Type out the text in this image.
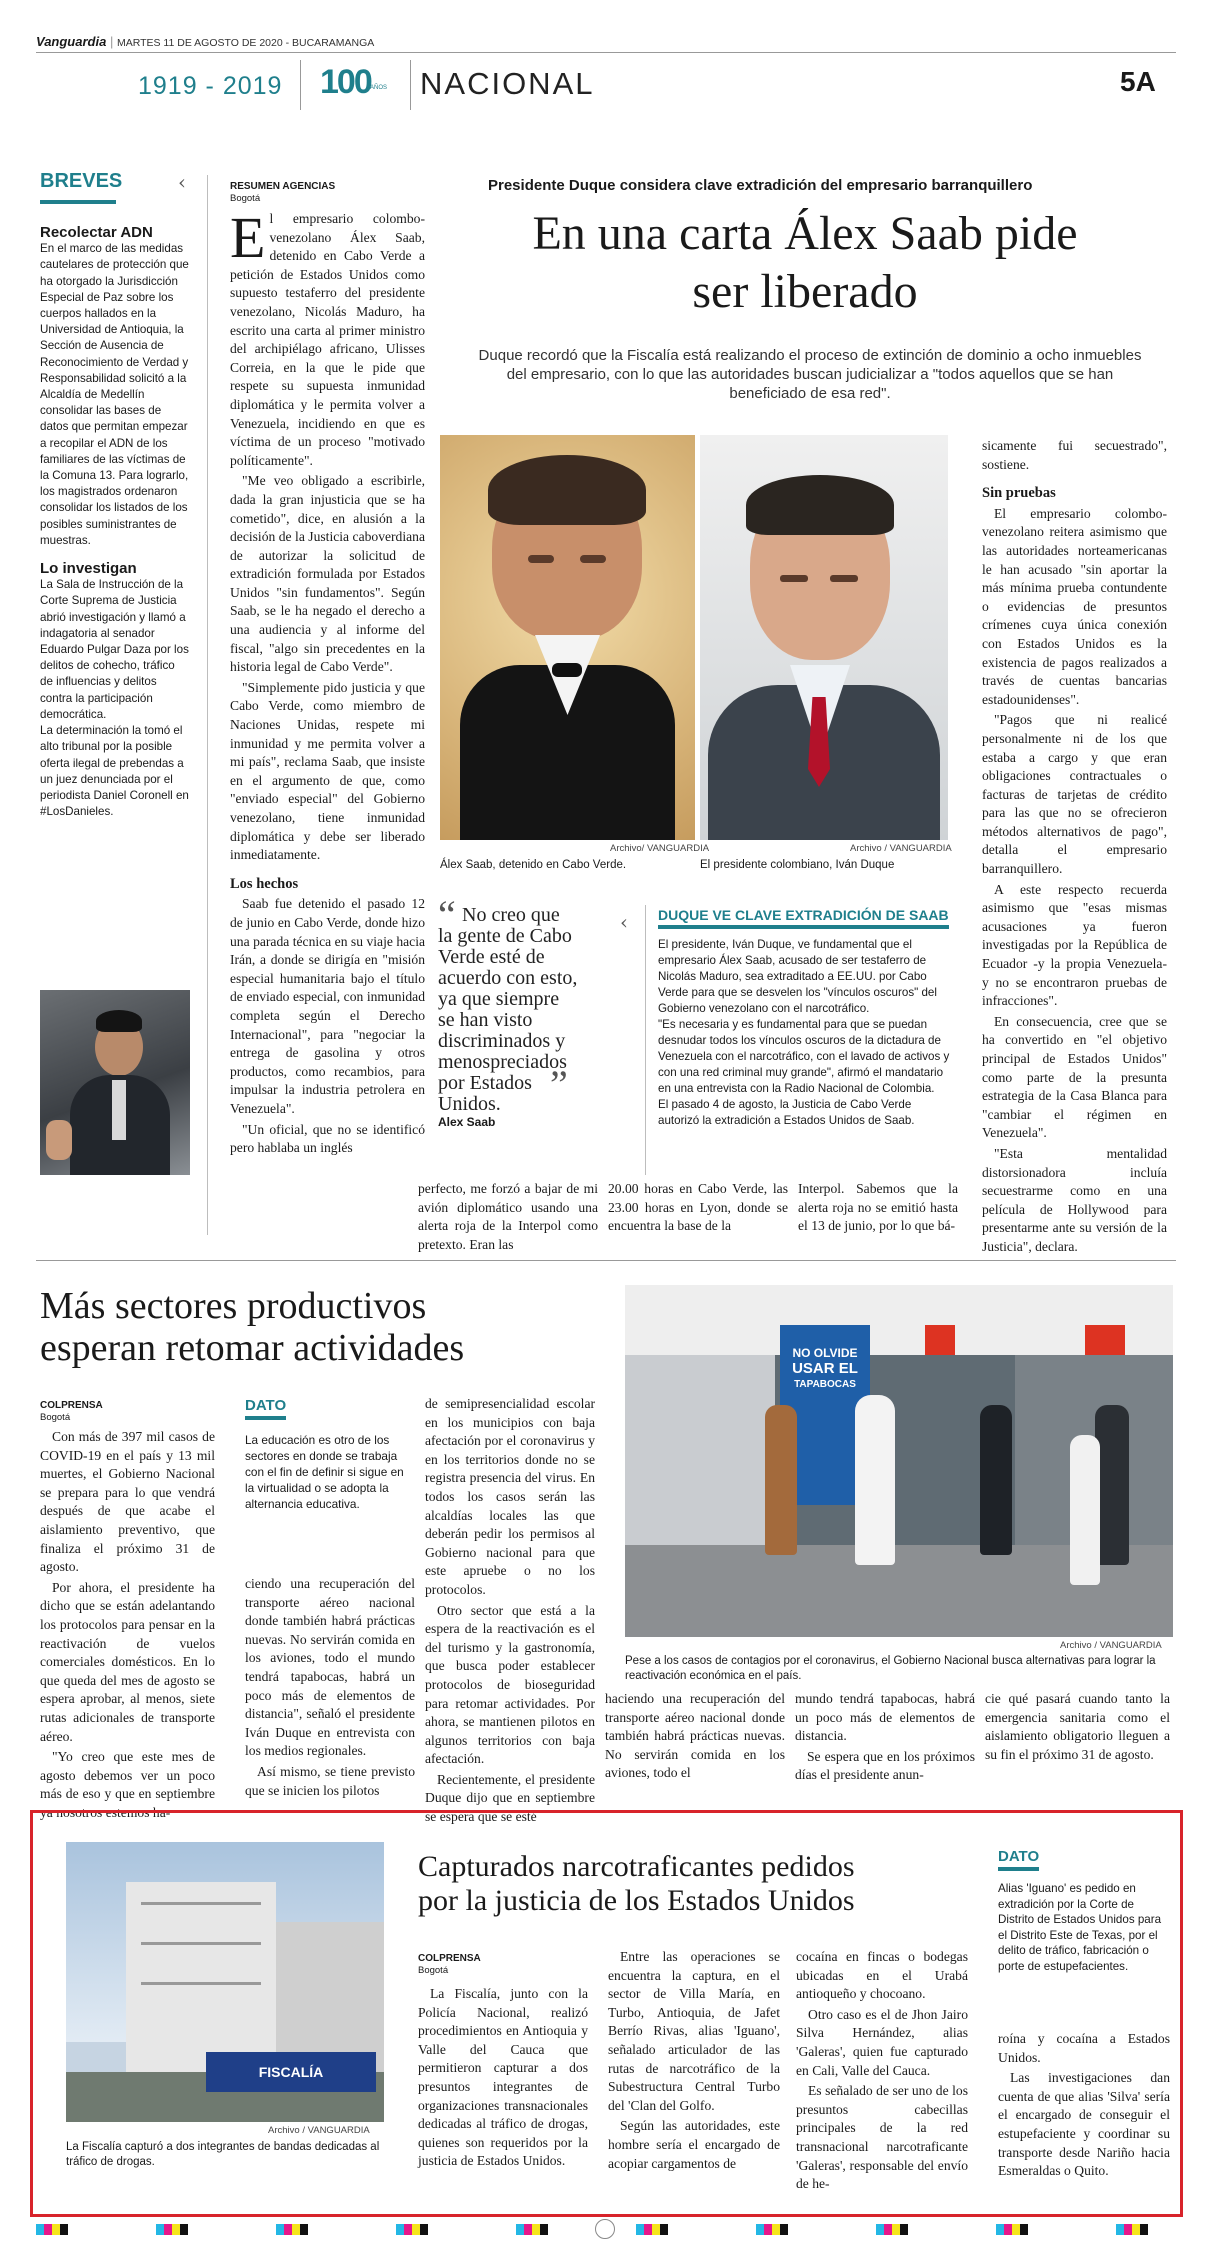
Vanguardia | MARTES 11 DE AGOSTO DE 2020 - BUCARAMANGA
1919 - 2019 100 AÑOS NACIONAL	5A
BREVES	‹
Recolectar ADN
En el marco de las medidas cautelares de protección que ha otorgado la Jurisdicción Especial de Paz sobre los cuerpos hallados en la Universidad de Antioquia, la Sección de Ausencia de Reconocimiento de Verdad y Responsabilidad solicitó a la Alcaldía de Medellín consolidar las bases de datos que permitan empezar a recopilar el ADN de los familiares de las víctimas de la Comuna 13. Para lograrlo, los magistrados ordenaron consolidar los listados de los posibles suministrantes de muestras.
Lo investigan
La Sala de Instrucción de la Corte Suprema de Justicia abrió investigación y llamó a indagatoria al senador Eduardo Pulgar Daza por los delitos de cohecho, tráfico de influencias y delitos contra la participación democrática.
La determinación la tomó el alto tribunal por la posible oferta ilegal de prebendas a un juez denunciada por el periodista Daniel Coronell en #LosDanieles.
Presidente Duque considera clave extradición del empresario barranquillero
En una carta Álex Saab pide
ser liberado
Duque recordó que la Fiscalía está realizando el proceso de extinción de dominio a ocho inmuebles del empresario, con lo que las autoridades buscan judicializar a "todos aquellos que se han beneficiado de esa red".
RESUMEN AGENCIAS
Bogotá

El empresario colombo-venezolano Álex Saab, detenido en Cabo Verde a petición de Estados Unidos como supuesto testaferro del presidente venezolano, Nicolás Maduro, ha escrito una carta al primer ministro del archipiélago africano, Ulisses Correia, en la que le pide que respete su supuesta inmunidad diplomática y le permita volver a Venezuela, incidiendo en que es víctima de un proceso "motivado políticamente".

"Me veo obligado a escribirle, dada la gran injusticia que se ha cometido", dice, en alusión a la decisión de la Justicia caboverdiana de autorizar la solicitud de extradición formulada por Estados Unidos "sin fundamentos". Según Saab, se le ha negado el derecho a una audiencia y al informe del fiscal, "algo sin precedentes en la historia legal de Cabo Verde".

"Simplemente pido justicia y que Cabo Verde, como miembro de Naciones Unidas, respete mi inmunidad y me permita volver a mi país", reclama Saab, que insiste en el argumento de que, como "enviado especial" del Gobierno venezolano, tiene inmunidad diplomática y debe ser liberado inmediatamente.

Los hechos

Saab fue detenido el pasado 12 de junio en Cabo Verde, donde hizo una parada técnica en su viaje hacia Irán, a donde se dirigía en "misión especial humanitaria bajo el título de enviado especial, con inmunidad completa según el Derecho Internacional", para "negociar la entrega de gasolina y otros productos, como recambios, para impulsar la industria petrolera en Venezuela".

"Un oficial, que no se identificó pero hablaba un inglés

Archivo/ VANGUARDIA
Álex Saab, detenido en Cabo Verde.
Archivo / VANGUARDIA
El presidente colombiano, Iván Duque
“ No creo que la gente de Cabo Verde esté de acuerdo con esto, ya que siempre se han visto discriminados y menospreciados por Estados Unidos.	”
Alex Saab
‹ DUQUE VE CLAVE EXTRADICIÓN DE SAAB
El presidente, Iván Duque, ve fundamental que el empresario Álex Saab, acusado de ser testaferro de Nicolás Maduro, sea extraditado a EE.UU. por Cabo Verde para que se desvelen los "vínculos oscuros" del Gobierno venezolano con el narcotráfico.
"Es necesaria y es fundamental para que se puedan desnudar todos los vínculos oscuros de la dictadura de Venezuela con el narcotráfico, con el lavado de activos y con una red criminal muy grande", afirmó el mandatario en una entrevista con la Radio Nacional de Colombia.
El pasado 4 de agosto, la Justicia de Cabo Verde autorizó la extradición a Estados Unidos de Saab.

perfecto, me forzó a bajar de mi avión diplomático usando una alerta roja de la Interpol como pretexto. Eran las

20.00 horas en Cabo Verde, las 23.00 horas en Lyon, donde se encuentra la base de la

Interpol. Sabemos que la alerta roja no se emitió hasta el 13 de junio, por lo que bá-

sicamente fui secuestrado", sostiene.

Sin pruebas

El empresario colombo-venezolano reitera asimismo que las autoridades norteamericanas le han acusado "sin aportar la más mínima prueba contundente o evidencias de presuntos crímenes cuya única conexión con Estados Unidos es la existencia de pagos realizados a través de cuentas bancarias estadounidenses".

"Pagos que ni realicé personalmente ni de los que estaba a cargo y que eran obligaciones contractuales o facturas de tarjetas de crédito para las que no se ofrecieron métodos alternativos de pago", detalla el empresario barranquillero.

A este respecto recuerda asimismo que "esas mismas acusaciones ya fueron investigadas por la República de Ecuador -y la propia Venezuela- y no se encontraron pruebas de infracciones".

En consecuencia, cree que se ha convertido en "el objetivo principal de Estados Unidos" como parte de la presunta estrategia de la Casa Blanca para "cambiar el régimen en Venezuela".

"Esta mentalidad distorsionadora incluía secuestrarme como en una película de Hollywood para presentarme ante su versión de la Justicia", declara.

Más sectores productivos
esperan retomar actividades
COLPRENSA
Bogotá

Con más de 397 mil casos de COVID-19 en el país y 13 mil muertes, el Gobierno Nacional se prepara para lo que vendrá después de que acabe el aislamiento preventivo, que finaliza el próximo 31 de agosto.

Por ahora, el presidente ha dicho que se están adelantando los protocolos para pensar en la reactivación de vuelos comerciales domésticos. En lo que queda del mes de agosto se espera aprobar, al menos, siete rutas adicionales de transporte aéreo.

"Yo creo que este mes de agosto debemos ver un poco más de eso y que en septiembre ya nosotros estemos ha-

DATO
La educación es otro de los sectores en donde se trabaja con el fin de definir si sigue en la virtualidad o se adopta la alternancia educativa.

ciendo una recuperación del transporte aéreo nacional donde también habrá prácticas nuevas. No servirán comida en los aviones, todo el mundo tendrá tapabocas, habrá un poco más de elementos de distancia", señaló el presidente Iván Duque en entrevista con los medios regionales.

Así mismo, se tiene previsto que se inicien los pilotos

de semipresencialidad escolar en los municipios con baja afectación por el coronavirus y en los territorios donde no se registra presencia del virus. En todos los casos serán las alcaldías locales las que deberán pedir los permisos al Gobierno nacional para que este apruebe o no los protocolos.

Otro sector que está a la espera de la reactivación es el del turismo y la gastronomía, que busca poder establecer protocolos de bioseguridad para retomar actividades. Por ahora, se mantienen pilotos en algunos territorios con baja afectación.

Recientemente, el presidente Duque dijo que en septiembre se espera que se esté

NO OLVIDE
USAR EL
TAPABOCAS
Archivo / VANGUARDIA
Pese a los casos de contagios por el coronavirus, el Gobierno Nacional busca alternativas para lograr la reactivación económica en el país.

haciendo una recuperación del transporte aéreo nacional donde también habrá prácticas nuevas. No servirán comida en los aviones, todo el

mundo tendrá tapabocas, habrá un poco más de elementos de distancia.

Se espera que en los próximos días el presidente anun-

cie qué pasará cuando tanto la emergencia sanitaria como el aislamiento obligatorio lleguen a su fin el próximo 31 de agosto.

FISCALÍA
Archivo / VANGUARDIA
La Fiscalía capturó a dos integrantes de bandas dedicadas al tráfico de drogas.
Capturados narcotraficantes pedidos
por la justicia de los Estados Unidos
COLPRENSA
Bogotá

La Fiscalía, junto con la Policía Nacional, realizó procedimientos en Antioquia y Valle del Cauca que permitieron capturar a dos presuntos integrantes de organizaciones transnacionales dedicadas al tráfico de drogas, quienes son requeridos por la justicia de Estados Unidos.

Entre las operaciones se encuentra la captura, en el sector de Villa María, en Turbo, Antioquia, de Jafet Berrío Rivas, alias 'Iguano', señalado articulador de las rutas de narcotráfico de la Subestructura Central Turbo del 'Clan del Golfo.

Según las autoridades, este hombre sería el encargado de acopiar cargamentos de

cocaína en fincas o bodegas ubicadas en el Urabá antioqueño y chocoano.

Otro caso es el de Jhon Jairo Silva Hernández, alias 'Galeras', quien fue capturado en Cali, Valle del Cauca.

Es señalado de ser uno de los presuntos cabecillas principales de la red transnacional narcotraficante 'Galeras', responsable del envío de he-

DATO
Alias 'Iguano' es pedido en extradición por la Corte de Distrito de Estados Unidos para el Distrito Este de Texas, por el delito de tráfico, fabricación o porte de estupefacientes.

roína y cocaína a Estados Unidos.

Las investigaciones dan cuenta de que alias 'Silva' sería el encargado de conseguir el estupefaciente y coordinar su transporte desde Nariño hacia Esmeraldas o Quito.
